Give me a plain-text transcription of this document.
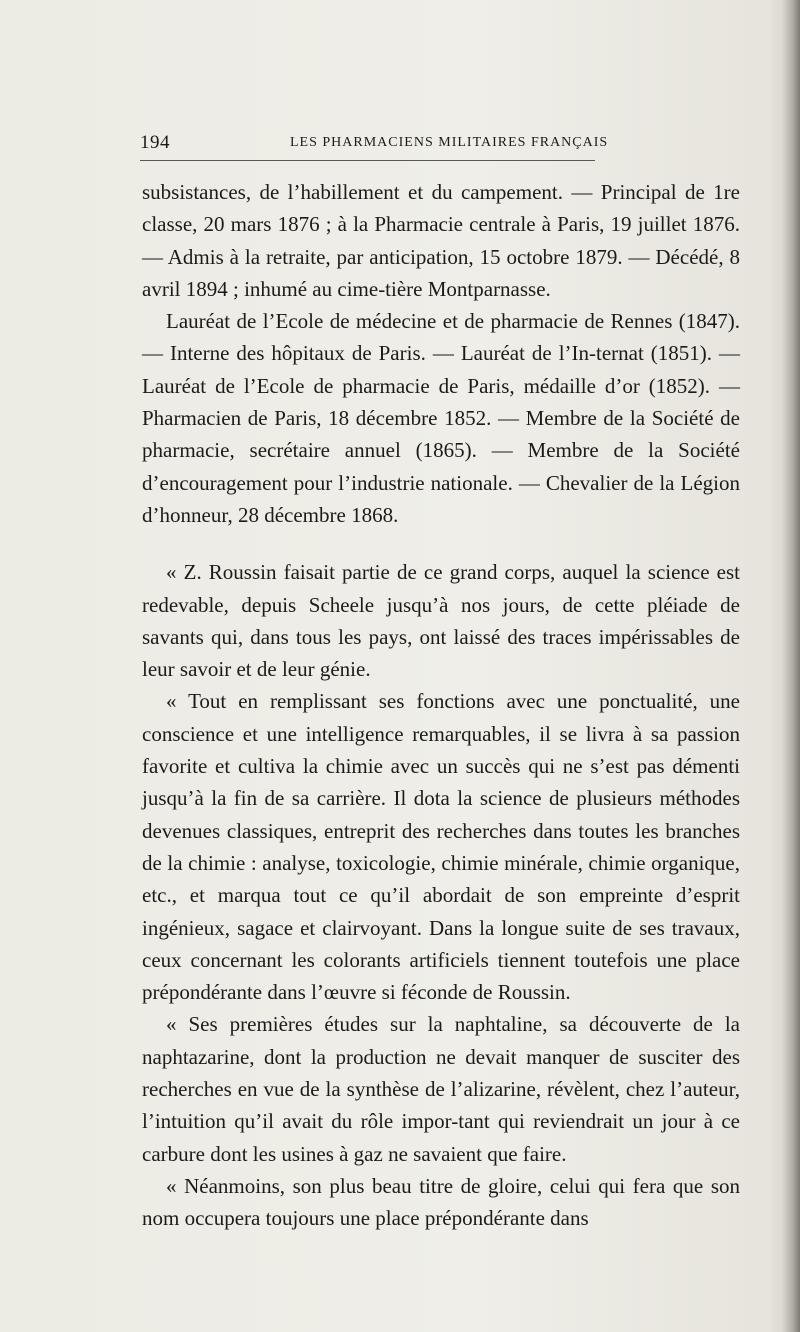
194	LES PHARMACIENS MILITAIRES FRANÇAIS

subsistances, de l’habillement et du campement. — Principal de 1re classe, 20 mars 1876 ; à la Pharmacie centrale à Paris, 19 juillet 1876. — Admis à la retraite, par anticipation, 15 octobre 1879. — Décédé, 8 avril 1894 ; inhumé au cime-tière Montparnasse.

Lauréat de l’Ecole de médecine et de pharmacie de Rennes (1847). — Interne des hôpitaux de Paris. — Lauréat de l’In-ternat (1851). — Lauréat de l’Ecole de pharmacie de Paris, médaille d’or (1852). — Pharmacien de Paris, 18 décembre 1852. — Membre de la Société de pharmacie, secrétaire annuel (1865). — Membre de la Société d’encouragement pour l’industrie nationale. — Chevalier de la Légion d’honneur, 28 décembre 1868.

« Z. Roussin faisait partie de ce grand corps, auquel la science est redevable, depuis Scheele jusqu’à nos jours, de cette pléiade de savants qui, dans tous les pays, ont laissé des traces impérissables de leur savoir et de leur génie.

« Tout en remplissant ses fonctions avec une ponctualité, une conscience et une intelligence remarquables, il se livra à sa passion favorite et cultiva la chimie avec un succès qui ne s’est pas démenti jusqu’à la fin de sa carrière. Il dota la science de plusieurs méthodes devenues classiques, entreprit des recherches dans toutes les branches de la chimie : analyse, toxicologie, chimie minérale, chimie organique, etc., et marqua tout ce qu’il abordait de son empreinte d’esprit ingénieux, sagace et clairvoyant. Dans la longue suite de ses travaux, ceux concernant les colorants artificiels tiennent toutefois une place prépondérante dans l’œuvre si féconde de Roussin.

« Ses premières études sur la naphtaline, sa découverte de la naphtazarine, dont la production ne devait manquer de susciter des recherches en vue de la synthèse de l’alizarine, révèlent, chez l’auteur, l’intuition qu’il avait du rôle impor-tant qui reviendrait un jour à ce carbure dont les usines à gaz ne savaient que faire.

« Néanmoins, son plus beau titre de gloire, celui qui fera que son nom occupera toujours une place prépondérante dans
